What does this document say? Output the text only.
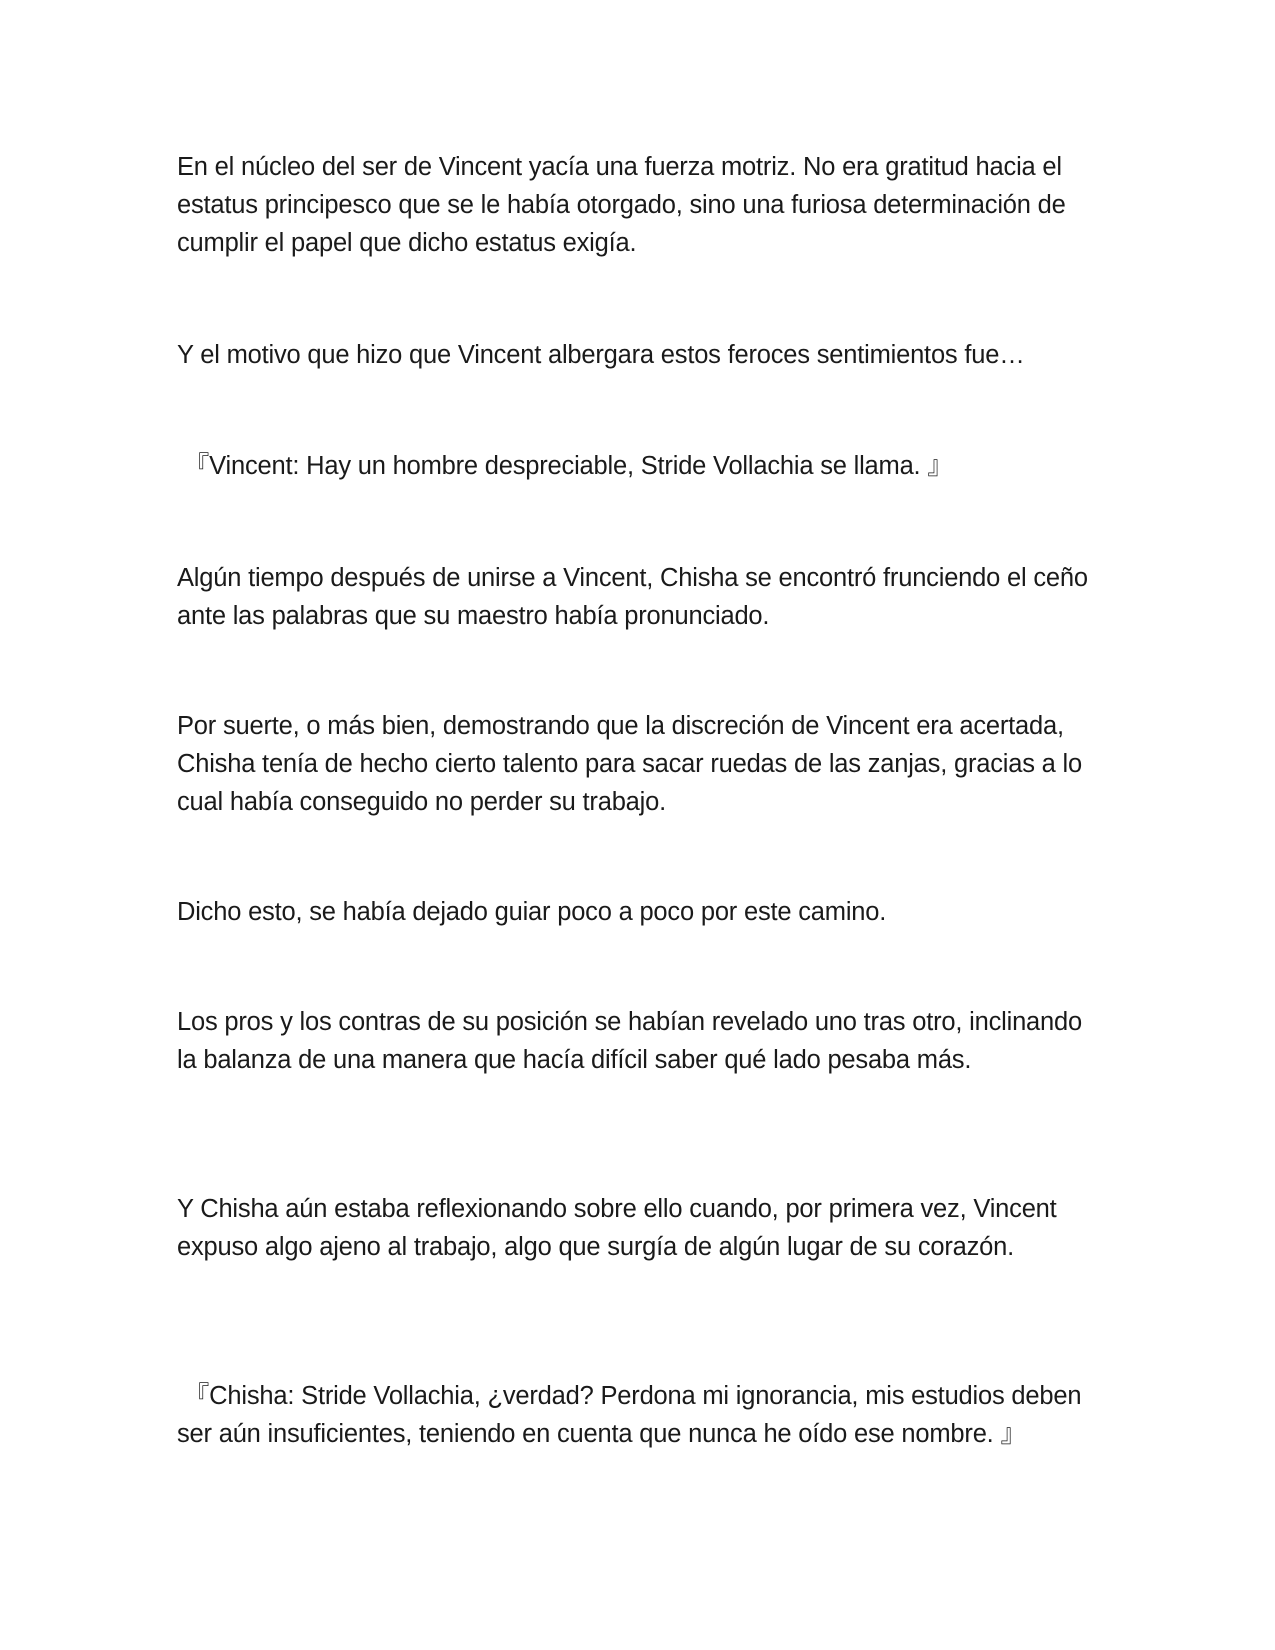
En el núcleo del ser de Vincent yacía una fuerza motriz. No era gratitud hacia el estatus principesco que se le había otorgado, sino una furiosa determinación de cumplir el papel que dicho estatus exigía.

Y el motivo que hizo que Vincent albergara estos feroces sentimientos fue…

『Vincent: Hay un hombre despreciable, Stride Vollachia se llama. 』

Algún tiempo después de unirse a Vincent, Chisha se encontró frunciendo el ceño ante las palabras que su maestro había pronunciado.

Por suerte, o más bien, demostrando que la discreción de Vincent era acertada, Chisha tenía de hecho cierto talento para sacar ruedas de las zanjas, gracias a lo cual había conseguido no perder su trabajo.

Dicho esto, se había dejado guiar poco a poco por este camino.

Los pros y los contras de su posición se habían revelado uno tras otro, inclinando la balanza de una manera que hacía difícil saber qué lado pesaba más.

Y Chisha aún estaba reflexionando sobre ello cuando, por primera vez, Vincent expuso algo ajeno al trabajo, algo que surgía de algún lugar de su corazón.

『Chisha: Stride Vollachia, ¿verdad? Perdona mi ignorancia, mis estudios deben ser aún insuficientes, teniendo en cuenta que nunca he oído ese nombre. 』
